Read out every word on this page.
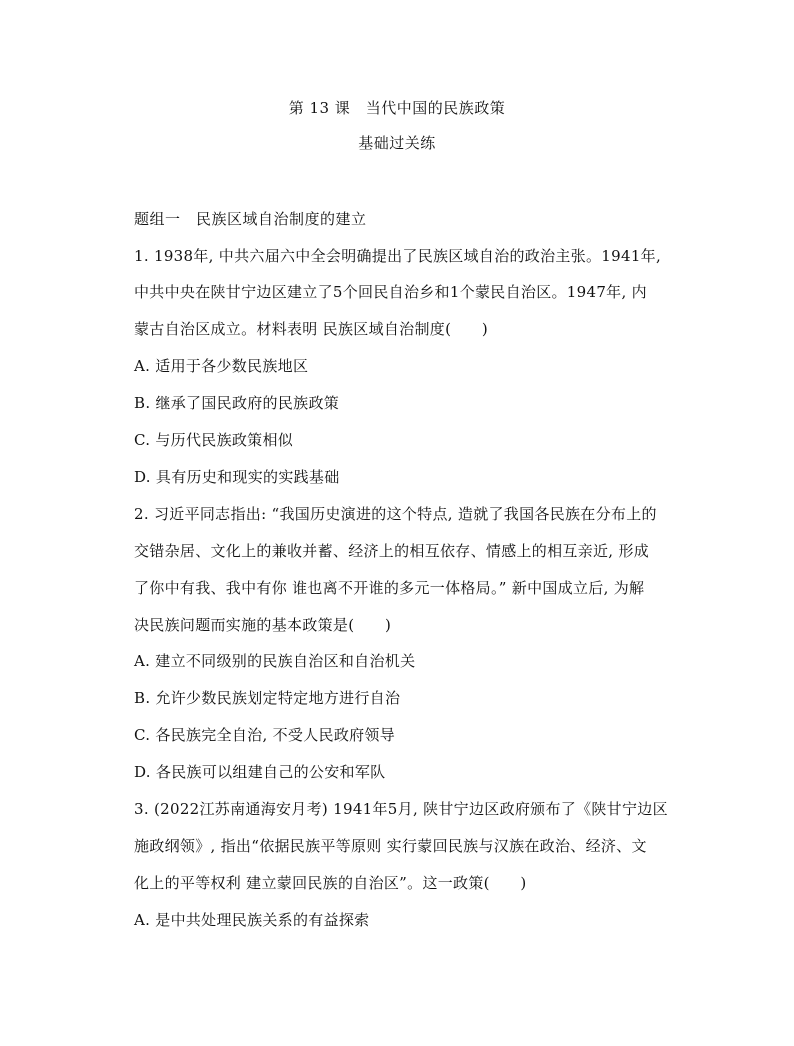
第 13 课　当代中国的民族政策
基础过关练
题组一　民族区域自治制度的建立
1. 1938年, 中共六届六中全会明确提出了民族区域自治的政治主张。1941年,
中共中央在陕甘宁边区建立了5个回民自治乡和1个蒙民自治区。1947年, 内
蒙古自治区成立。材料表明 民族区域自治制度(　　)
A. 适用于各少数民族地区
B. 继承了国民政府的民族政策
C. 与历代民族政策相似
D. 具有历史和现实的实践基础
2. 习近平同志指出: “我国历史演进的这个特点, 造就了我国各民族在分布上的
交错杂居、文化上的兼收并蓄、经济上的相互依存、情感上的相互亲近, 形成
了你中有我、我中有你 谁也离不开谁的多元一体格局。” 新中国成立后, 为解
决民族问题而实施的基本政策是(　　)
A. 建立不同级别的民族自治区和自治机关
B. 允许少数民族划定特定地方进行自治
C. 各民族完全自治, 不受人民政府领导
D. 各民族可以组建自己的公安和军队
3. (2022江苏南通海安月考) 1941年5月, 陕甘宁边区政府颁布了《陕甘宁边区
施政纲领》, 指出“依据民族平等原则 实行蒙回民族与汉族在政治、经济、文
化上的平等权利 建立蒙回民族的自治区”。这一政策(　　)
A. 是中共处理民族关系的有益探索
